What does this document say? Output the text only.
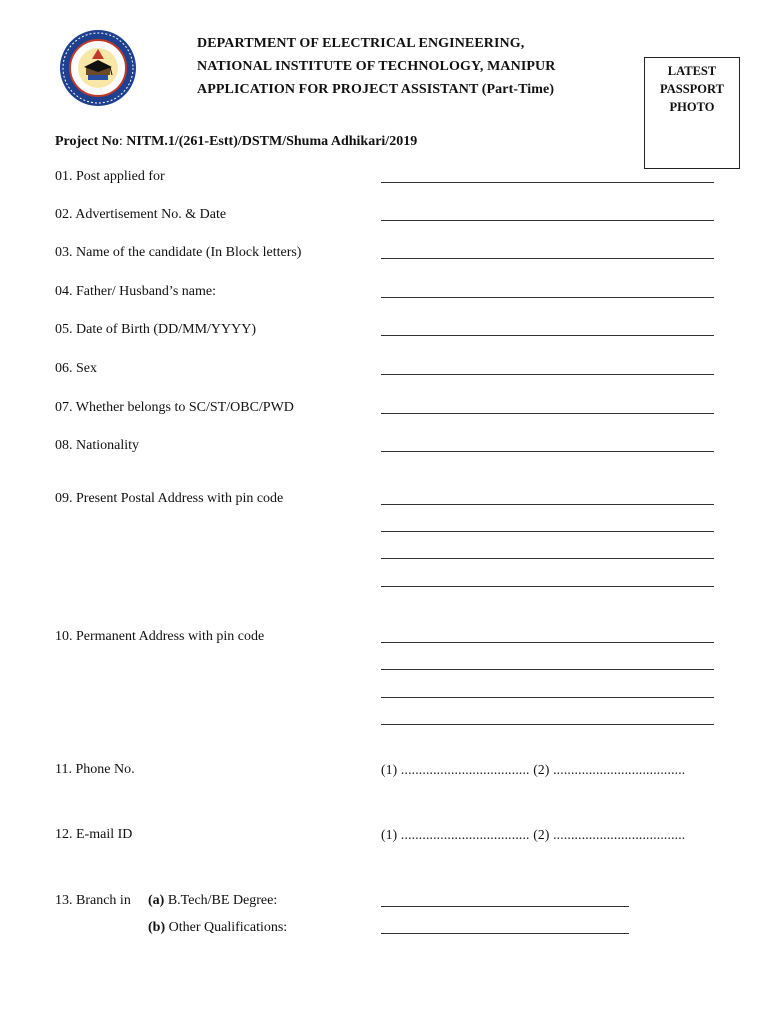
DEPARTMENT OF ELECTRICAL ENGINEERING,
NATIONAL INSTITUTE OF TECHNOLOGY, MANIPUR
APPLICATION FOR PROJECT ASSISTANT (Part-Time)
LATEST
PASSPORT
PHOTO
Project No: NITM.1/(261-Estt)/DSTM/Shuma Adhikari/2019
01. Post applied for
02. Advertisement No. & Date
03. Name of the candidate (In Block letters)
04. Father/ Husband’s name:
05. Date of Birth (DD/MM/YYYY)
06. Sex
07. Whether belongs to SC/ST/OBC/PWD
08. Nationality
09. Present Postal Address with pin code
10. Permanent Address with pin code
11. Phone No.
12. E-mail ID
13. Branch in
(1) .................................... (2) .....................................
(1) .................................... (2) .....................................
(a) B.Tech/BE Degree:
(b) Other Qualifications:
